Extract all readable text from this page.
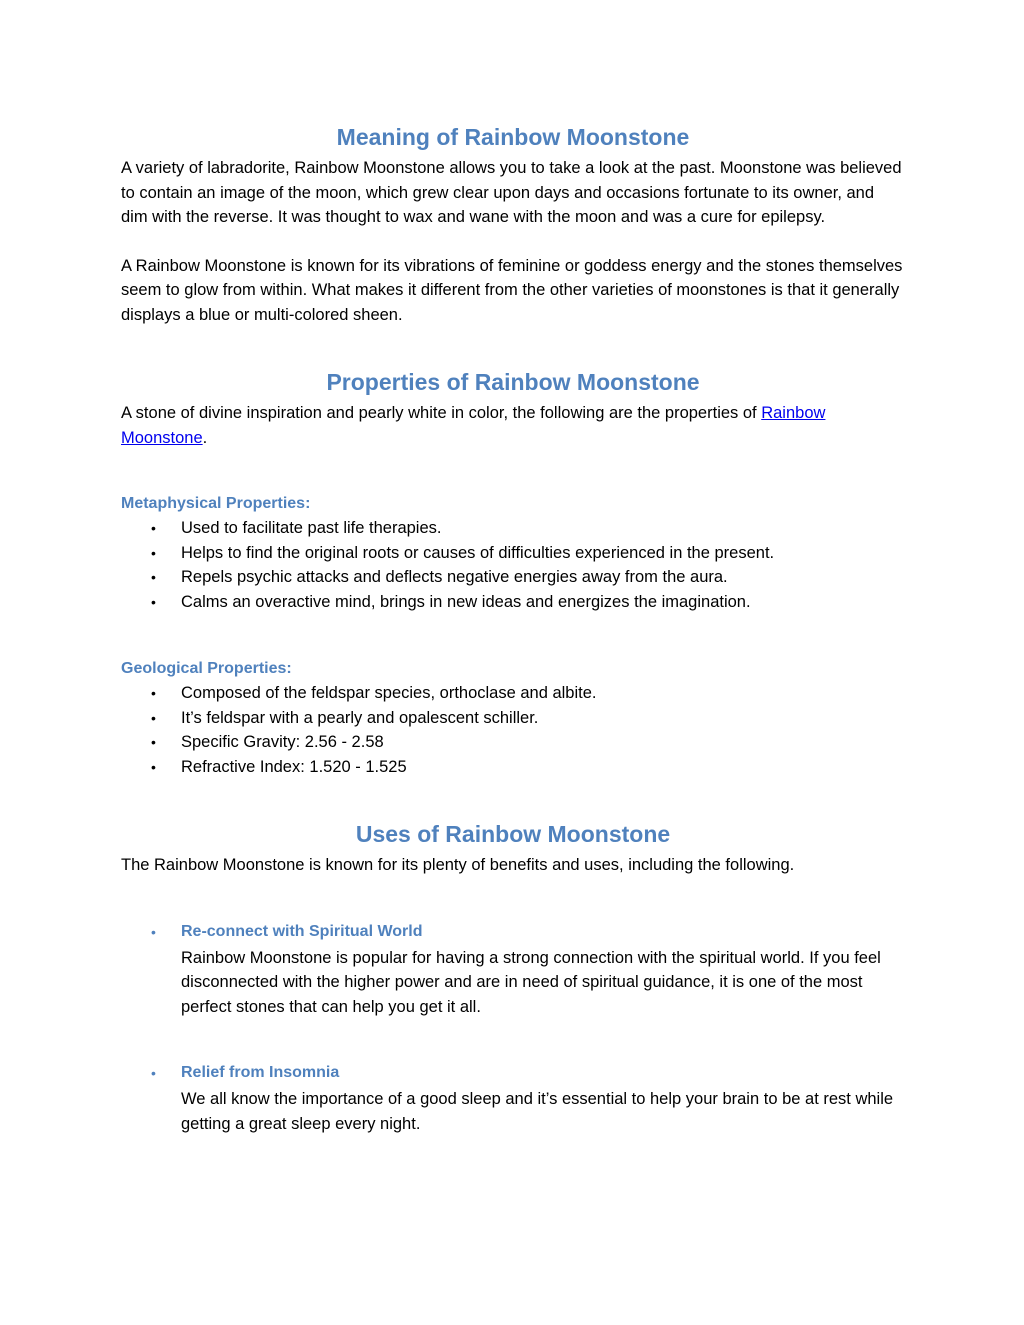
Meaning of Rainbow Moonstone

A variety of labradorite, Rainbow Moonstone allows you to take a look at the past. Moonstone was believed to contain an image of the moon, which grew clear upon days and occasions fortunate to its owner, and dim with the reverse. It was thought to wax and wane with the moon and was a cure for epilepsy.

A Rainbow Moonstone is known for its vibrations of feminine or goddess energy and the stones themselves seem to glow from within. What makes it different from the other varieties of moonstones is that it generally displays a blue or multi-colored sheen.

Properties of Rainbow Moonstone

A stone of divine inspiration and pearly white in color, the following are the properties of Rainbow Moonstone.

Metaphysical Properties:
• Used to facilitate past life therapies.
• Helps to find the original roots or causes of difficulties experienced in the present.
• Repels psychic attacks and deflects negative energies away from the aura.
• Calms an overactive mind, brings in new ideas and energizes the imagination.
Geological Properties:
• Composed of the feldspar species, orthoclase and albite.
• It’s feldspar with a pearly and opalescent schiller.
• Specific Gravity: 2.56 - 2.58
• Refractive Index: 1.520 - 1.525
Uses of Rainbow Moonstone

The Rainbow Moonstone is known for its plenty of benefits and uses, including the following.

• Re-connect with Spiritual World
Rainbow Moonstone is popular for having a strong connection with the spiritual world. If you feel disconnected with the higher power and are in need of spiritual guidance, it is one of the most perfect stones that can help you get it all.
• Relief from Insomnia
We all know the importance of a good sleep and it’s essential to help your brain to be at rest while getting a great sleep every night.
